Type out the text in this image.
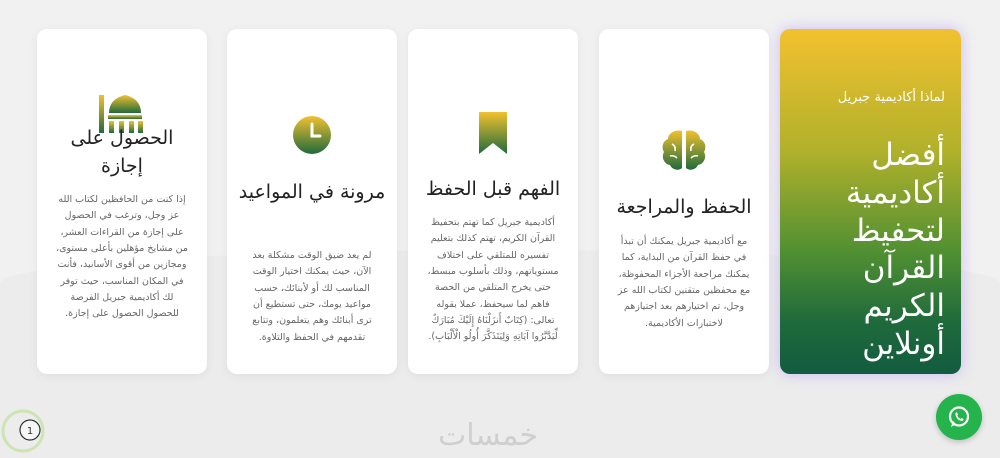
الحصول على إجازة
إذا كنت من الحافظين لكتاب الله عز وجل، وترغب في الحصول على إجازة من القراءات العشر، من مشايخ مؤهلين بأعلى مستوى، ومجازين من أقوى الأسانيد، فأنت في المكان المناسب، حيث توفر لك أكاديمية جبريل الفرصة للحصول الحصول على إجازة.
مرونة في المواعيد
لم يعد ضيق الوقت مشكلة بعد الآن، حيث يمكنك اختيار الوقت المناسب لك أو لأبنائك، حسب مواعيد يومك، حتى تستطيع أن ترى أبنائك وهم يتعلمون، وتتابع تقدمهم في الحفظ والتلاوة.
الفهم قبل الحفظ
أكاديمية جبريل كما تهتم بتحفيظ القرآن الكريم، تهتم كذلك بتعليم تفسيره للمتلقي على اختلاف مستوياتهم، وذلك بأسلوب مبسط، حتى يخرج المتلقي من الحصة فاهم لما سيحفظ، عملا بقوله تعالى: (كِتَابٌ أَنزَلْنَاهُ إِلَيْكَ مُبَارَكٌ لِّيَدَّبَّرُوا آيَاتِهِ وَلِيَتَذَكَّرَ أُولُو الْأَلْبَابِ).
الحفظ والمراجعة
مع أكاديمية جبريل يمكنك أن تبدأ في حفظ القرآن من البداية، كما يمكنك مراجعة الأجزاء المحفوظة، مع محفظين متقنين لكتاب الله عز وجل، تم اختيارهم بعد اجتيازهم لاختبارات الأكاديمية.
لماذا أكاديمية جبريل
أفضل أكاديمية لتحفيظ القرآن الكريم أونلاين
1	خمسات
